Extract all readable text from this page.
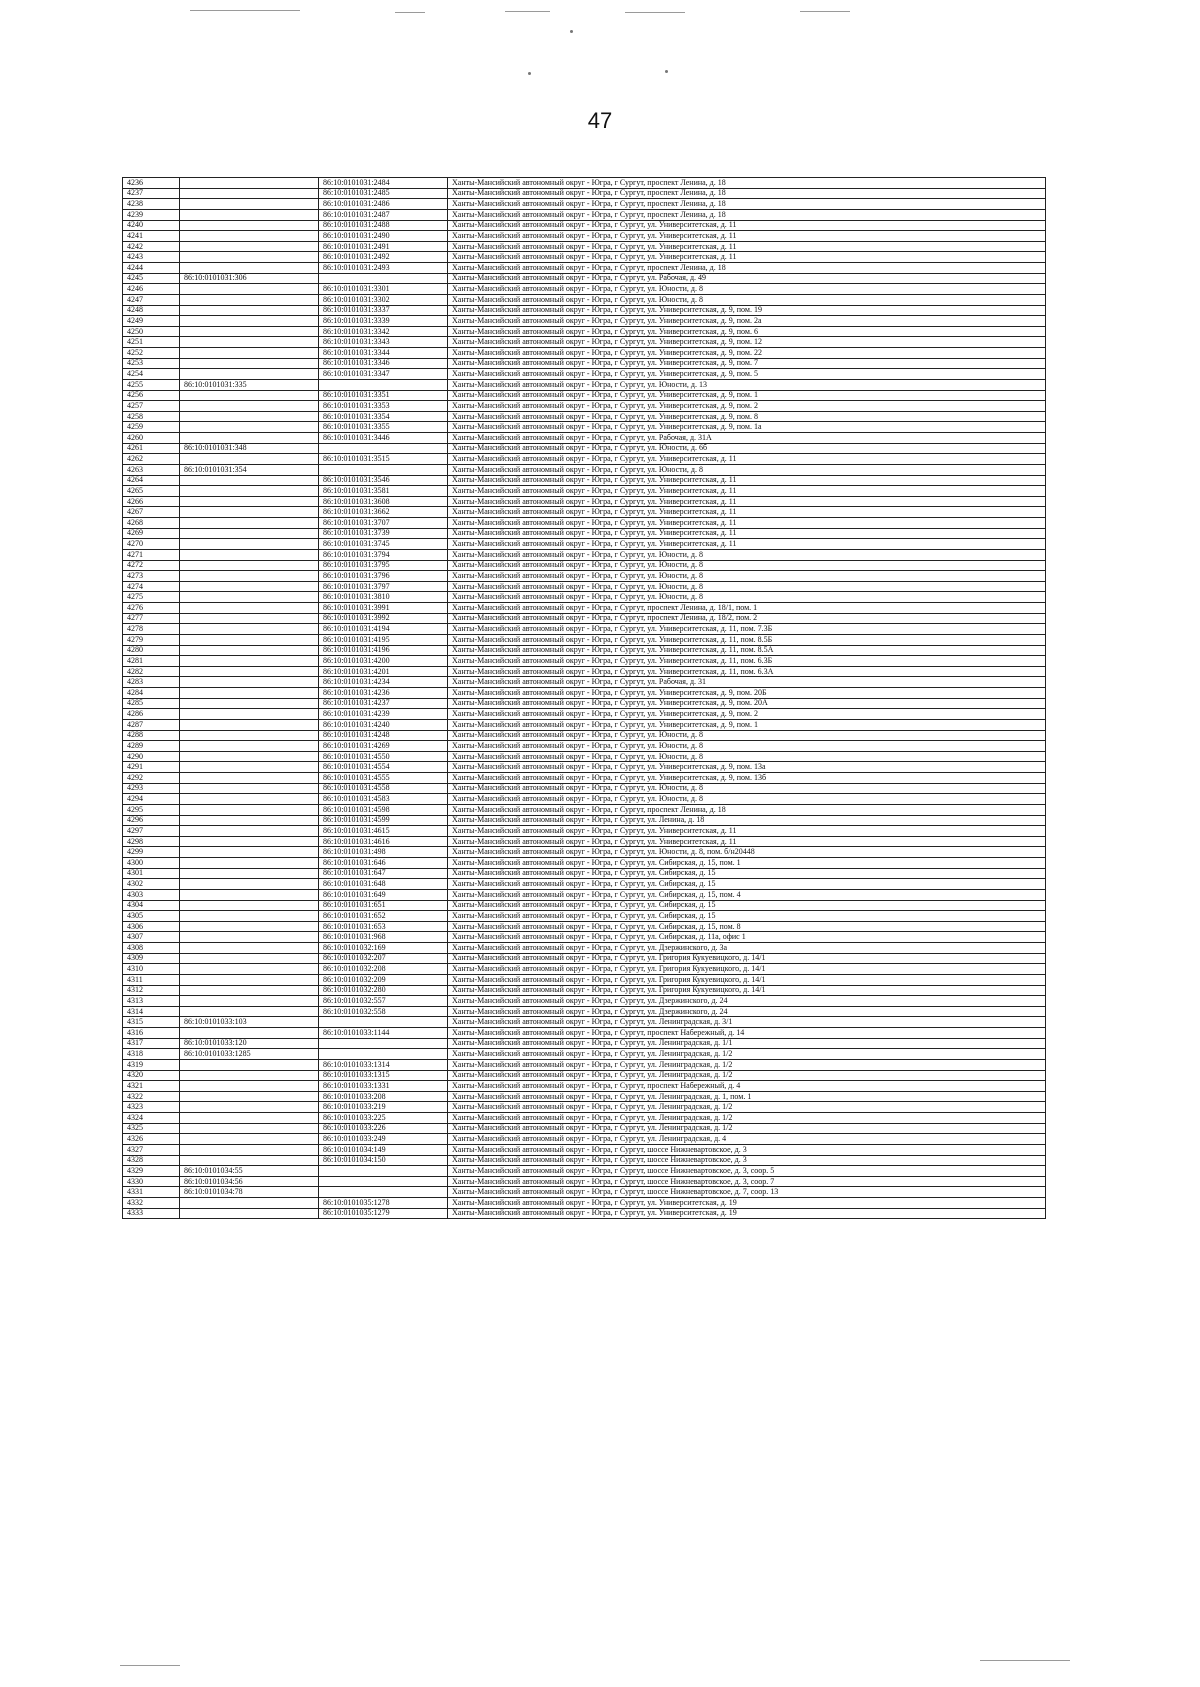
47
4236		86:10:0101031:2484	Ханты-Мансийский автономный округ - Югра, г Сургут, проспект Ленина, д. 18
4237		86:10:0101031:2485	Ханты-Мансийский автономный округ - Югра, г Сургут, проспект Ленина, д. 18
4238		86:10:0101031:2486	Ханты-Мансийский автономный округ - Югра, г Сургут, проспект Ленина, д. 18
4239		86:10:0101031:2487	Ханты-Мансийский автономный округ - Югра, г Сургут, проспект Ленина, д. 18
4240		86:10:0101031:2488	Ханты-Мансийский автономный округ - Югра, г Сургут, ул. Университетская, д. 11
4241		86:10:0101031:2490	Ханты-Мансийский автономный округ - Югра, г Сургут, ул. Университетская, д. 11
4242		86:10:0101031:2491	Ханты-Мансийский автономный округ - Югра, г Сургут, ул. Университетская, д. 11
4243		86:10:0101031:2492	Ханты-Мансийский автономный округ - Югра, г Сургут, ул. Университетская, д. 11
4244		86:10:0101031:2493	Ханты-Мансийский автономный округ - Югра, г Сургут, проспект Ленина, д. 18
4245	86:10:0101031:306		Ханты-Мансийский автономный округ - Югра, г Сургут, ул. Рабочая, д. 49
4246		86:10:0101031:3301	Ханты-Мансийский автономный округ - Югра, г Сургут, ул. Юности, д. 8
4247		86:10:0101031:3302	Ханты-Мансийский автономный округ - Югра, г Сургут, ул. Юности, д. 8
4248		86:10:0101031:3337	Ханты-Мансийский автономный округ - Югра, г Сургут, ул. Университетская, д. 9, пом. 19
4249		86:10:0101031:3339	Ханты-Мансийский автономный округ - Югра, г Сургут, ул. Университетская, д. 9, пом. 2а
4250		86:10:0101031:3342	Ханты-Мансийский автономный округ - Югра, г Сургут, ул. Университетская, д. 9, пом. 6
4251		86:10:0101031:3343	Ханты-Мансийский автономный округ - Югра, г Сургут, ул. Университетская, д. 9, пом. 12
4252		86:10:0101031:3344	Ханты-Мансийский автономный округ - Югра, г Сургут, ул. Университетская, д. 9, пом. 22
4253		86:10:0101031:3346	Ханты-Мансийский автономный округ - Югра, г Сургут, ул. Университетская, д. 9, пом. 7
4254		86:10:0101031:3347	Ханты-Мансийский автономный округ - Югра, г Сургут, ул. Университетская, д. 9, пом. 5
4255	86:10:0101031:335		Ханты-Мансийский автономный округ - Югра, г Сургут, ул. Юности, д. 13
4256		86:10:0101031:3351	Ханты-Мансийский автономный округ - Югра, г Сургут, ул. Университетская, д. 9, пом. 1
4257		86:10:0101031:3353	Ханты-Мансийский автономный округ - Югра, г Сургут, ул. Университетская, д. 9, пом. 2
4258		86:10:0101031:3354	Ханты-Мансийский автономный округ - Югра, г Сургут, ул. Университетская, д. 9, пом. 8
4259		86:10:0101031:3355	Ханты-Мансийский автономный округ - Югра, г Сургут, ул. Университетская, д. 9, пом. 1а
4260		86:10:0101031:3446	Ханты-Мансийский автономный округ - Югра, г Сургут, ул. Рабочая, д. 31А
4261	86:10:0101031:348		Ханты-Мансийский автономный округ - Югра, г Сургут, ул. Юности, д. 6б
4262		86:10:0101031:3515	Ханты-Мансийский автономный округ - Югра, г Сургут, ул. Университетская, д. 11
4263	86:10:0101031:354		Ханты-Мансийский автономный округ - Югра, г Сургут, ул. Юности, д. 8
4264		86:10:0101031:3546	Ханты-Мансийский автономный округ - Югра, г Сургут, ул. Университетская, д. 11
4265		86:10:0101031:3581	Ханты-Мансийский автономный округ - Югра, г Сургут, ул. Университетская, д. 11
4266		86:10:0101031:3608	Ханты-Мансийский автономный округ - Югра, г Сургут, ул. Университетская, д. 11
4267		86:10:0101031:3662	Ханты-Мансийский автономный округ - Югра, г Сургут, ул. Университетская, д. 11
4268		86:10:0101031:3707	Ханты-Мансийский автономный округ - Югра, г Сургут, ул. Университетская, д. 11
4269		86:10:0101031:3739	Ханты-Мансийский автономный округ - Югра, г Сургут, ул. Университетская, д. 11
4270		86:10:0101031:3745	Ханты-Мансийский автономный округ - Югра, г Сургут, ул. Университетская, д. 11
4271		86:10:0101031:3794	Ханты-Мансийский автономный округ - Югра, г Сургут, ул. Юности, д. 8
4272		86:10:0101031:3795	Ханты-Мансийский автономный округ - Югра, г Сургут, ул. Юности, д. 8
4273		86:10:0101031:3796	Ханты-Мансийский автономный округ - Югра, г Сургут, ул. Юности, д. 8
4274		86:10:0101031:3797	Ханты-Мансийский автономный округ - Югра, г Сургут, ул. Юности, д. 8
4275		86:10:0101031:3810	Ханты-Мансийский автономный округ - Югра, г Сургут, ул. Юности, д. 8
4276		86:10:0101031:3991	Ханты-Мансийский автономный округ - Югра, г Сургут, проспект Ленина, д. 18/1, пом. 1
4277		86:10:0101031:3992	Ханты-Мансийский автономный округ - Югра, г Сургут, проспект Ленина, д. 18/2, пом. 2
4278		86:10:0101031:4194	Ханты-Мансийский автономный округ - Югра, г Сургут, ул. Университетская, д. 11, пом. 7.3Б
4279		86:10:0101031:4195	Ханты-Мансийский автономный округ - Югра, г Сургут, ул. Университетская, д. 11, пом. 8.5Б
4280		86:10:0101031:4196	Ханты-Мансийский автономный округ - Югра, г Сургут, ул. Университетская, д. 11, пом. 8.5А
4281		86:10:0101031:4200	Ханты-Мансийский автономный округ - Югра, г Сургут, ул. Университетская, д. 11, пом. 6.3Б
4282		86:10:0101031:4201	Ханты-Мансийский автономный округ - Югра, г Сургут, ул. Университетская, д. 11, пом. 6.3А
4283		86:10:0101031:4234	Ханты-Мансийский автономный округ - Югра, г Сургут, ул. Рабочая, д. 31
4284		86:10:0101031:4236	Ханты-Мансийский автономный округ - Югра, г Сургут, ул. Университетская, д. 9, пом. 20Б
4285		86:10:0101031:4237	Ханты-Мансийский автономный округ - Югра, г Сургут, ул. Университетская, д. 9, пом. 20А
4286		86:10:0101031:4239	Ханты-Мансийский автономный округ - Югра, г Сургут, ул. Университетская, д. 9, пом. 2
4287		86:10:0101031:4240	Ханты-Мансийский автономный округ - Югра, г Сургут, ул. Университетская, д. 9, пом. 1
4288		86:10:0101031:4248	Ханты-Мансийский автономный округ - Югра, г Сургут, ул. Юности, д. 8
4289		86:10:0101031:4269	Ханты-Мансийский автономный округ - Югра, г Сургут, ул. Юности, д. 8
4290		86:10:0101031:4550	Ханты-Мансийский автономный округ - Югра, г Сургут, ул. Юности, д. 8
4291		86:10:0101031:4554	Ханты-Мансийский автономный округ - Югра, г Сургут, ул. Университетская, д. 9, пом. 13а
4292		86:10:0101031:4555	Ханты-Мансийский автономный округ - Югра, г Сургут, ул. Университетская, д. 9, пом. 13б
4293		86:10:0101031:4558	Ханты-Мансийский автономный округ - Югра, г Сургут, ул. Юности, д. 8
4294		86:10:0101031:4583	Ханты-Мансийский автономный округ - Югра, г Сургут, ул. Юности, д. 8
4295		86:10:0101031:4598	Ханты-Мансийский автономный округ - Югра, г Сургут, проспект Ленина, д. 18
4296		86:10:0101031:4599	Ханты-Мансийский автономный округ - Югра, г Сургут, ул. Ленина, д. 18
4297		86:10:0101031:4615	Ханты-Мансийский автономный округ - Югра, г Сургут, ул. Университетская, д. 11
4298		86:10:0101031:4616	Ханты-Мансийский автономный округ - Югра, г Сургут, ул. Университетская, д. 11
4299		86:10:0101031:498	Ханты-Мансийский автономный округ - Югра, г Сургут, ул. Юности, д. 8, пом. б/н20448
4300		86:10:0101031:646	Ханты-Мансийский автономный округ - Югра, г Сургут, ул. Сибирская, д. 15, пом. 1
4301		86:10:0101031:647	Ханты-Мансийский автономный округ - Югра, г Сургут, ул. Сибирская, д. 15
4302		86:10:0101031:648	Ханты-Мансийский автономный округ - Югра, г Сургут, ул. Сибирская, д. 15
4303		86:10:0101031:649	Ханты-Мансийский автономный округ - Югра, г Сургут, ул. Сибирская, д. 15, пом. 4
4304		86:10:0101031:651	Ханты-Мансийский автономный округ - Югра, г Сургут, ул. Сибирская, д. 15
4305		86:10:0101031:652	Ханты-Мансийский автономный округ - Югра, г Сургут, ул. Сибирская, д. 15
4306		86:10:0101031:653	Ханты-Мансийский автономный округ - Югра, г Сургут, ул. Сибирская, д. 15, пом. 8
4307		86:10:0101031:968	Ханты-Мансийский автономный округ - Югра, г Сургут, ул. Сибирская, д. 11а, офис 1
4308		86:10:0101032:169	Ханты-Мансийский автономный округ - Югра, г Сургут, ул. Дзержинского, д. 3а
4309		86:10:0101032:207	Ханты-Мансийский автономный округ - Югра, г Сургут, ул. Григория Кукуевицкого, д. 14/1
4310		86:10:0101032:208	Ханты-Мансийский автономный округ - Югра, г Сургут, ул. Григория Кукуевицкого, д. 14/1
4311		86:10:0101032:209	Ханты-Мансийский автономный округ - Югра, г Сургут, ул. Григория Кукуевицкого, д. 14/1
4312		86:10:0101032:280	Ханты-Мансийский автономный округ - Югра, г Сургут, ул. Григория Кукуевицкого, д. 14/1
4313		86:10:0101032:557	Ханты-Мансийский автономный округ - Югра, г Сургут, ул. Дзержинского, д. 24
4314		86:10:0101032:558	Ханты-Мансийский автономный округ - Югра, г Сургут, ул. Дзержинского, д. 24
4315	86:10:0101033:103		Ханты-Мансийский автономный округ - Югра, г Сургут, ул. Ленинградская, д. 3/1
4316		86:10:0101033:1144	Ханты-Мансийский автономный округ - Югра, г Сургут, проспект Набережный, д. 14
4317	86:10:0101033:120		Ханты-Мансийский автономный округ - Югра, г Сургут, ул. Ленинградская, д. 1/1
4318	86:10:0101033:1285		Ханты-Мансийский автономный округ - Югра, г Сургут, ул. Ленинградская, д. 1/2
4319		86:10:0101033:1314	Ханты-Мансийский автономный округ - Югра, г Сургут, ул. Ленинградская, д. 1/2
4320		86:10:0101033:1315	Ханты-Мансийский автономный округ - Югра, г Сургут, ул. Ленинградская, д. 1/2
4321		86:10:0101033:1331	Ханты-Мансийский автономный округ - Югра, г Сургут, проспект Набережный, д. 4
4322		86:10:0101033:208	Ханты-Мансийский автономный округ - Югра, г Сургут, ул. Ленинградская, д. 1, пом. 1
4323		86:10:0101033:219	Ханты-Мансийский автономный округ - Югра, г Сургут, ул. Ленинградская, д. 1/2
4324		86:10:0101033:225	Ханты-Мансийский автономный округ - Югра, г Сургут, ул. Ленинградская, д. 1/2
4325		86:10:0101033:226	Ханты-Мансийский автономный округ - Югра, г Сургут, ул. Ленинградская, д. 1/2
4326		86:10:0101033:249	Ханты-Мансийский автономный округ - Югра, г Сургут, ул. Ленинградская, д. 4
4327		86:10:0101034:149	Ханты-Мансийский автономный округ - Югра, г Сургут, шоссе Нижневартовское, д. 3
4328		86:10:0101034:150	Ханты-Мансийский автономный округ - Югра, г Сургут, шоссе Нижневартовское, д. 3
4329	86:10:0101034:55		Ханты-Мансийский автономный округ - Югра, г Сургут, шоссе Нижневартовское, д. 3, соор. 5
4330	86:10:0101034:56		Ханты-Мансийский автономный округ - Югра, г Сургут, шоссе Нижневартовское, д. 3, соор. 7
4331	86:10:0101034:78		Ханты-Мансийский автономный округ - Югра, г Сургут, шоссе Нижневартовское, д. 7, соор. 13
4332		86:10:0101035:1278	Ханты-Мансийский автономный округ - Югра, г Сургут, ул. Университетская, д. 19
4333		86:10:0101035:1279	Ханты-Мансийский автономный округ - Югра, г Сургут, ул. Университетская, д. 19
